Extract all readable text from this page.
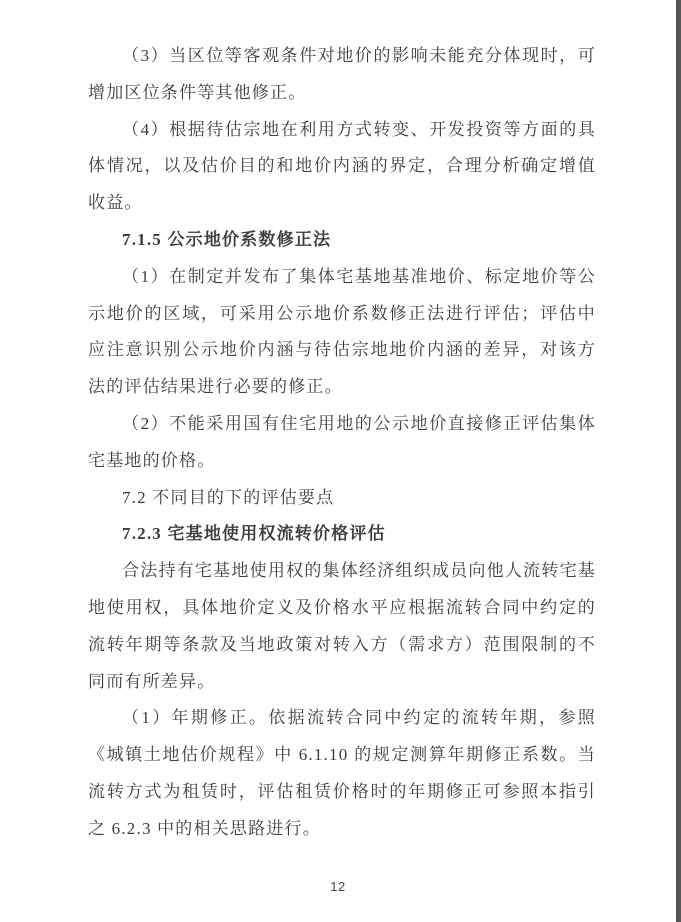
（3）当区位等客观条件对地价的影响未能充分体现时，可增加区位条件等其他修正。

（4）根据待估宗地在利用方式转变、开发投资等方面的具体情况，以及估价目的和地价内涵的界定，合理分析确定增值收益。

7.1.5 公示地价系数修正法

（1）在制定并发布了集体宅基地基准地价、标定地价等公示地价的区域，可采用公示地价系数修正法进行评估；评估中应注意识别公示地价内涵与待估宗地地价内涵的差异，对该方法的评估结果进行必要的修正。

（2）不能采用国有住宅用地的公示地价直接修正评估集体宅基地的价格。

7.2 不同目的下的评估要点
7.2.3 宅基地使用权流转价格评估

合法持有宅基地使用权的集体经济组织成员向他人流转宅基地使用权，具体地价定义及价格水平应根据流转合同中约定的流转年期等条款及当地政策对转入方（需求方）范围限制的不同而有所差异。

（1）年期修正。依据流转合同中约定的流转年期，参照《城镇土地估价规程》中 6.1.10 的规定测算年期修正系数。当流转方式为租赁时，评估租赁价格时的年期修正可参照本指引之 6.2.3 中的相关思路进行。

12
